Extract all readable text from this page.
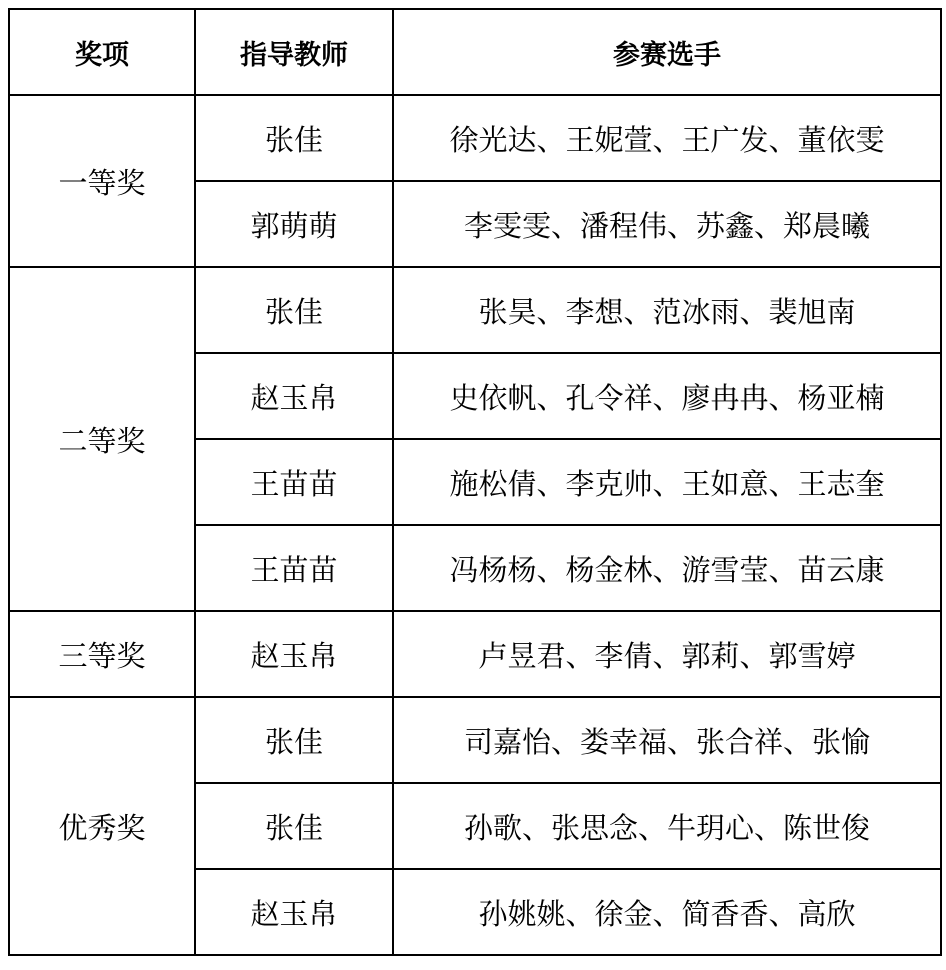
奖项	指导教师	参赛选手
一等奖	张佳	徐光达、王妮萱、王广发、董依雯
	郭萌萌	李雯雯、潘程伟、苏鑫、郑晨曦
二等奖	张佳	张昊、李想、范冰雨、裴旭南
	赵玉帛	史依帆、孔令祥、廖冉冉、杨亚楠
	王苗苗	施松倩、李克帅、王如意、王志奎
	王苗苗	冯杨杨、杨金林、游雪莹、苗云康
三等奖	赵玉帛	卢昱君、李倩、郭莉、郭雪婷
优秀奖	张佳	司嘉怡、娄幸福、张合祥、张愉
	张佳	孙歌、张思念、牛玥心、陈世俊
	赵玉帛	孙姚姚、徐金、简香香、高欣
